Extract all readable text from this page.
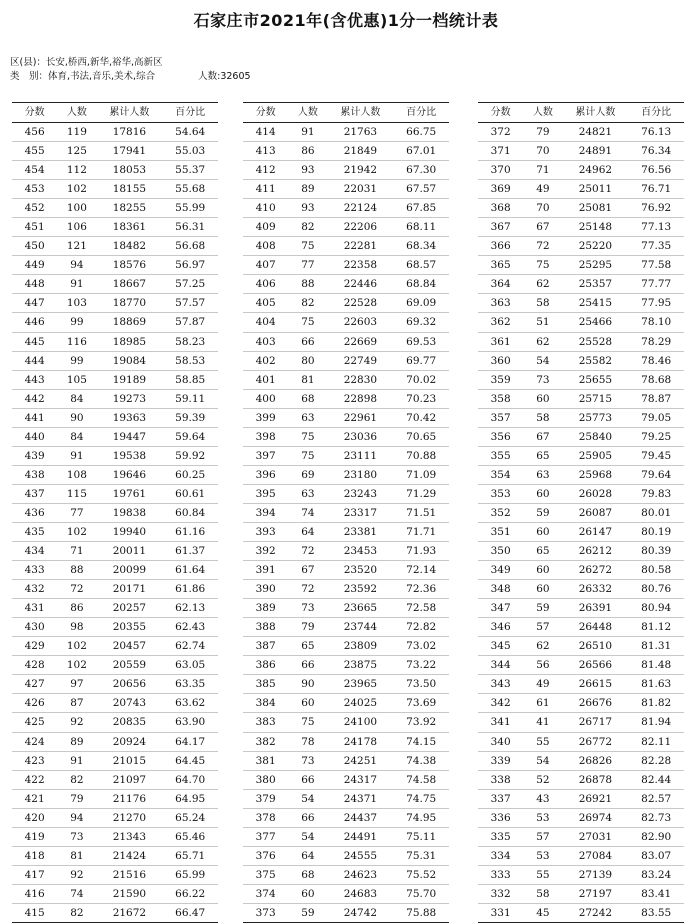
石家庄市2021年(含优惠)1分一档统计表
区(县)：长安,桥西,新华,裕华,高新区
类　别：体育,书法,音乐,美术,综合	人数:32605
分数	人数	累计人数	百分比
456	119	17816	54.64
455	125	17941	55.03
454	112	18053	55.37
453	102	18155	55.68
452	100	18255	55.99
451	106	18361	56.31
450	121	18482	56.68
449	94	18576	56.97
448	91	18667	57.25
447	103	18770	57.57
446	99	18869	57.87
445	116	18985	58.23
444	99	19084	58.53
443	105	19189	58.85
442	84	19273	59.11
441	90	19363	59.39
440	84	19447	59.64
439	91	19538	59.92
438	108	19646	60.25
437	115	19761	60.61
436	77	19838	60.84
435	102	19940	61.16
434	71	20011	61.37
433	88	20099	61.64
432	72	20171	61.86
431	86	20257	62.13
430	98	20355	62.43
429	102	20457	62.74
428	102	20559	63.05
427	97	20656	63.35
426	87	20743	63.62
425	92	20835	63.90
424	89	20924	64.17
423	91	21015	64.45
422	82	21097	64.70
421	79	21176	64.95
420	94	21270	65.24
419	73	21343	65.46
418	81	21424	65.71
417	92	21516	65.99
416	74	21590	66.22
415	82	21672	66.47
分数	人数	累计人数	百分比
414	91	21763	66.75
413	86	21849	67.01
412	93	21942	67.30
411	89	22031	67.57
410	93	22124	67.85
409	82	22206	68.11
408	75	22281	68.34
407	77	22358	68.57
406	88	22446	68.84
405	82	22528	69.09
404	75	22603	69.32
403	66	22669	69.53
402	80	22749	69.77
401	81	22830	70.02
400	68	22898	70.23
399	63	22961	70.42
398	75	23036	70.65
397	75	23111	70.88
396	69	23180	71.09
395	63	23243	71.29
394	74	23317	71.51
393	64	23381	71.71
392	72	23453	71.93
391	67	23520	72.14
390	72	23592	72.36
389	73	23665	72.58
388	79	23744	72.82
387	65	23809	73.02
386	66	23875	73.22
385	90	23965	73.50
384	60	24025	73.69
383	75	24100	73.92
382	78	24178	74.15
381	73	24251	74.38
380	66	24317	74.58
379	54	24371	74.75
378	66	24437	74.95
377	54	24491	75.11
376	64	24555	75.31
375	68	24623	75.52
374	60	24683	75.70
373	59	24742	75.88
分数	人数	累计人数	百分比
372	79	24821	76.13
371	70	24891	76.34
370	71	24962	76.56
369	49	25011	76.71
368	70	25081	76.92
367	67	25148	77.13
366	72	25220	77.35
365	75	25295	77.58
364	62	25357	77.77
363	58	25415	77.95
362	51	25466	78.10
361	62	25528	78.29
360	54	25582	78.46
359	73	25655	78.68
358	60	25715	78.87
357	58	25773	79.05
356	67	25840	79.25
355	65	25905	79.45
354	63	25968	79.64
353	60	26028	79.83
352	59	26087	80.01
351	60	26147	80.19
350	65	26212	80.39
349	60	26272	80.58
348	60	26332	80.76
347	59	26391	80.94
346	57	26448	81.12
345	62	26510	81.31
344	56	26566	81.48
343	49	26615	81.63
342	61	26676	81.82
341	41	26717	81.94
340	55	26772	82.11
339	54	26826	82.28
338	52	26878	82.44
337	43	26921	82.57
336	53	26974	82.73
335	57	27031	82.90
334	53	27084	83.07
333	55	27139	83.24
332	58	27197	83.41
331	45	27242	83.55
